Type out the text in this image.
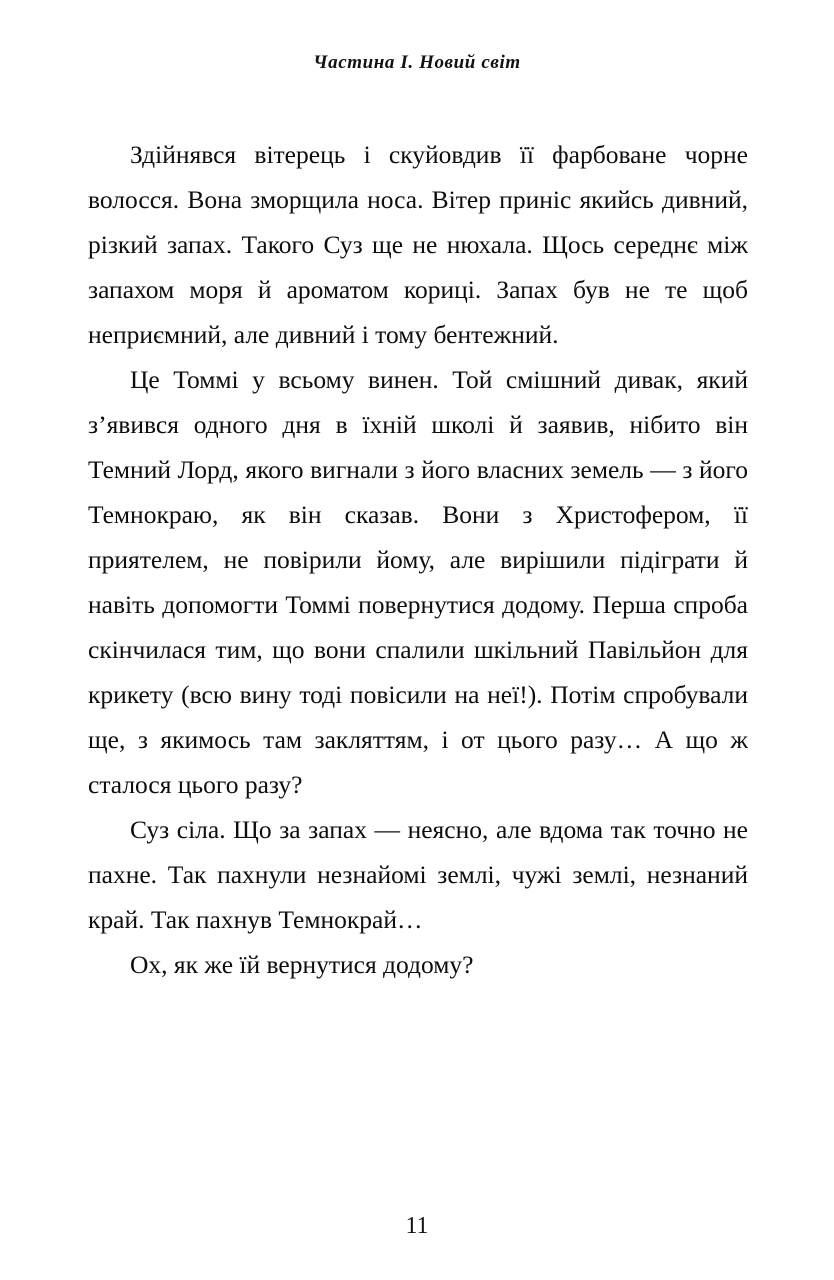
Частина I. Новий світ

Здійнявся вітерець і скуйовдив її фарбоване чорне волосся. Вона зморщила носа. Вітер приніс якийсь дивний, різкий запах. Такого Суз ще не нюхала. Щось середнє між запахом моря й ароматом кориці. Запах був не те щоб неприємний, але дивний і тому бентежний.

Це Томмі у всьому винен. Той смішний дивак, який з’явився одного дня в їхній школі й заявив, нібито він Темний Лорд, якого вигнали з його власних земель — з його Темнокраю, як він сказав. Вони з Христофером, її приятелем, не повірили йому, але вирішили підіграти й навіть допомогти Томмі повернутися додому. Перша спроба скінчилася тим, що вони спалили шкільний Павільйон для крикету (всю вину тоді повісили на неї!). Потім спробували ще, з якимось там закляттям, і от цього разу… А що ж сталося цього разу?

Суз сіла. Що за запах — неясно, але вдома так точно не пахне. Так пахнули незнайомі землі, чужі землі, незнаний край. Так пахнув Темнокрай…

Ох, як же їй вернутися додому?

11
